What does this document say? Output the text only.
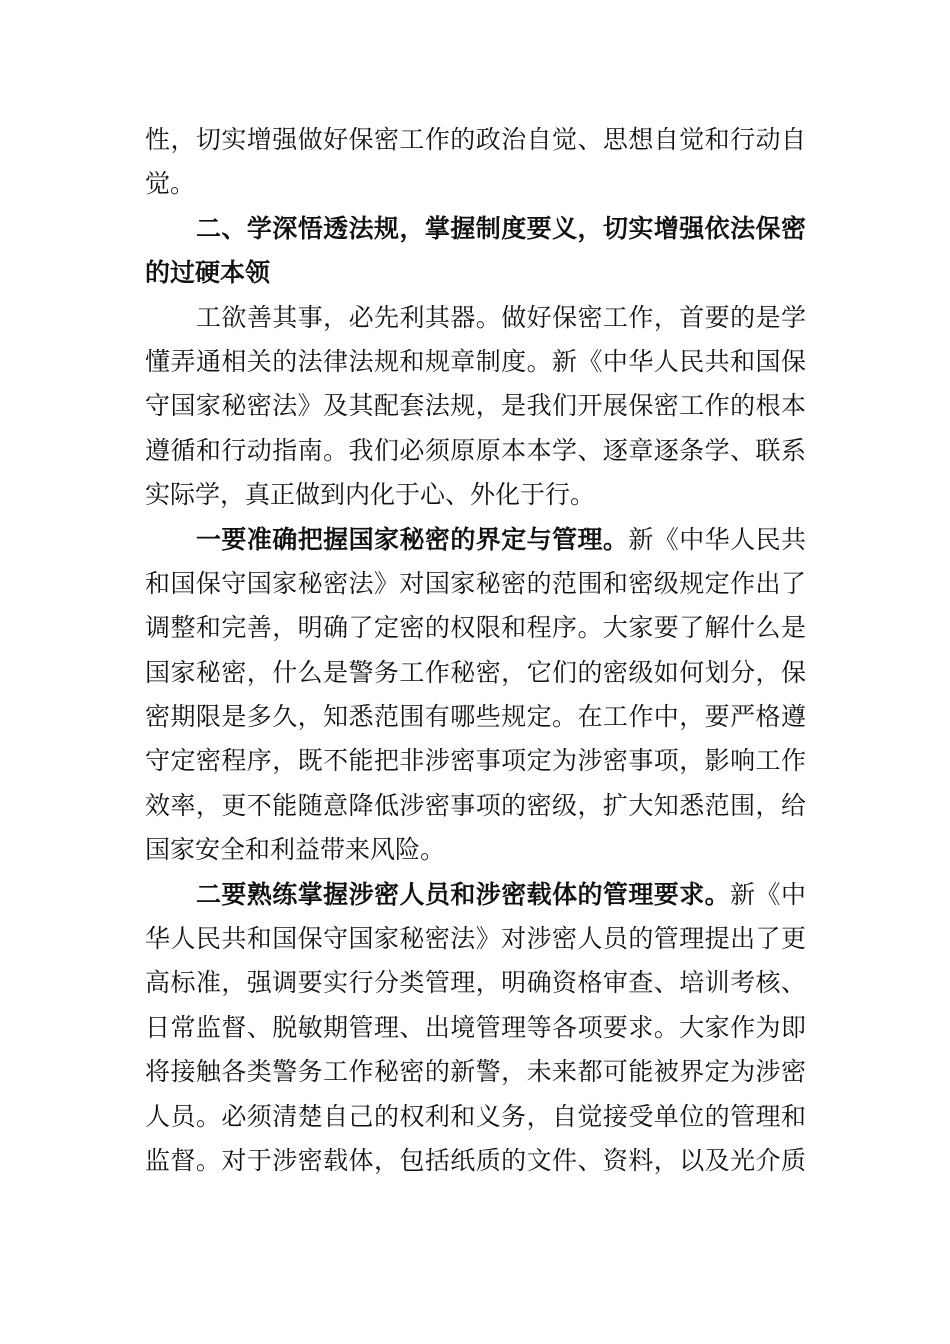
性，切实增强做好保密工作的政治自觉、思想自觉和行动自
觉。
二、学深悟透法规，掌握制度要义，切实增强依法保密
的过硬本领
工欲善其事，必先利其器。做好保密工作，首要的是学
懂弄通相关的法律法规和规章制度。新《中华人民共和国保
守国家秘密法》及其配套法规，是我们开展保密工作的根本
遵循和行动指南。我们必须原原本本学、逐章逐条学、联系
实际学，真正做到内化于心、外化于行。
一要准确把握国家秘密的界定与管理。新《中华人民共
和国保守国家秘密法》对国家秘密的范围和密级规定作出了
调整和完善，明确了定密的权限和程序。大家要了解什么是
国家秘密，什么是警务工作秘密，它们的密级如何划分，保
密期限是多久，知悉范围有哪些规定。在工作中，要严格遵
守定密程序，既不能把非涉密事项定为涉密事项，影响工作
效率，更不能随意降低涉密事项的密级，扩大知悉范围，给
国家安全和利益带来风险。
二要熟练掌握涉密人员和涉密载体的管理要求。新《中
华人民共和国保守国家秘密法》对涉密人员的管理提出了更
高标准，强调要实行分类管理，明确资格审查、培训考核、
日常监督、脱敏期管理、出境管理等各项要求。大家作为即
将接触各类警务工作秘密的新警，未来都可能被界定为涉密
人员。必须清楚自己的权利和义务，自觉接受单位的管理和
监督。对于涉密载体，包括纸质的文件、资料，以及光介质
